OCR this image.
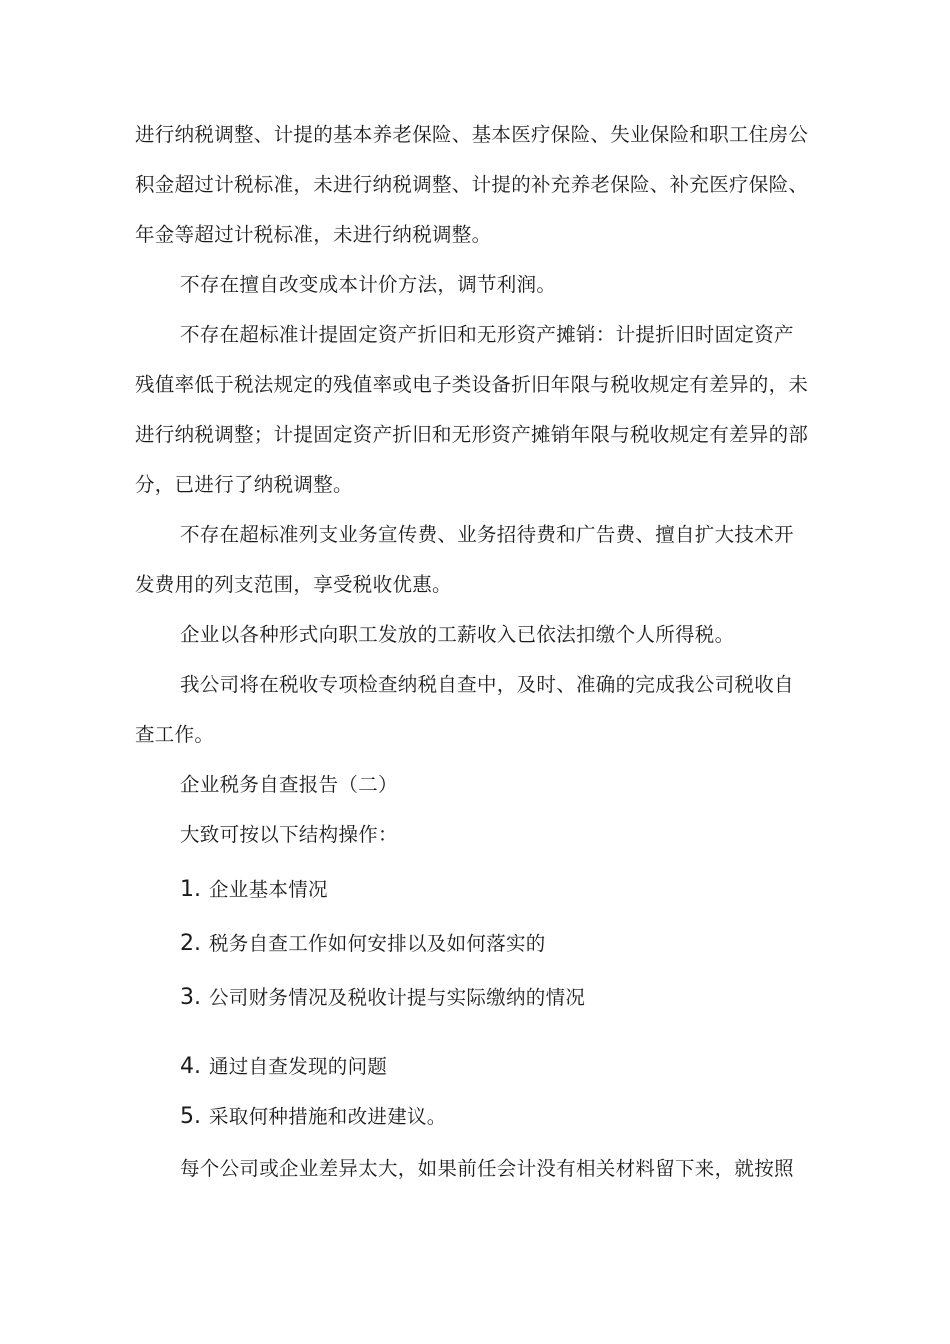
进行纳税调整、计提的基本养老保险、基本医疗保险、失业保险和职工住房公
积金超过计税标准，未进行纳税调整、计提的补充养老保险、补充医疗保险、
年金等超过计税标准，未进行纳税调整。
不存在擅自改变成本计价方法，调节利润。
不存在超标准计提固定资产折旧和无形资产摊销：计提折旧时固定资产
残值率低于税法规定的残值率或电子类设备折旧年限与税收规定有差异的，未
进行纳税调整；计提固定资产折旧和无形资产摊销年限与税收规定有差异的部
分，已进行了纳税调整。
不存在超标准列支业务宣传费、业务招待费和广告费、擅自扩大技术开
发费用的列支范围，享受税收优惠。
企业以各种形式向职工发放的工薪收入已依法扣缴个人所得税。
我公司将在税收专项检查纳税自查中，及时、准确的完成我公司税收自
查工作。
企业税务自查报告（二）
大致可按以下结构操作：
1. 企业基本情况
2. 税务自查工作如何安排以及如何落实的
3. 公司财务情况及税收计提与实际缴纳的情况
4. 通过自查发现的问题
5. 采取何种措施和改进建议。
每个公司或企业差异太大，如果前任会计没有相关材料留下来，就按照
